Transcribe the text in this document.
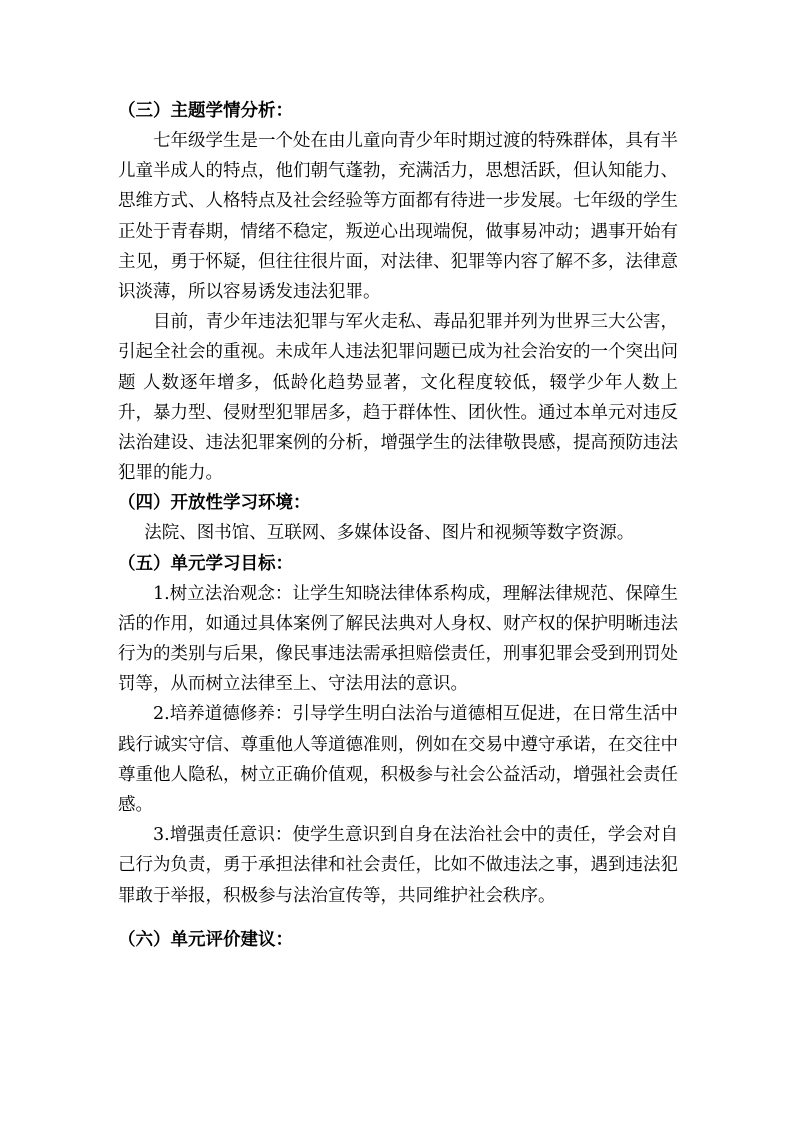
（三）主题学情分析：

七年级学生是一个处在由儿童向青少年时期过渡的特殊群体，具有半儿童半成人的特点，他们朝气蓬勃，充满活力，思想活跃，但认知能力、思维方式、人格特点及社会经验等方面都有待进一步发展。七年级的学生正处于青春期，情绪不稳定，叛逆心出现端倪，做事易冲动；遇事开始有主见，勇于怀疑，但往往很片面，对法律、犯罪等内容了解不多，法律意识淡薄，所以容易诱发违法犯罪。

目前，青少年违法犯罪与军火走私、毒品犯罪并列为世界三大公害，引起全社会的重视。未成年人违法犯罪问题已成为社会治安的一个突出问题 人数逐年增多，低龄化趋势显著，文化程度较低，辍学少年人数上升，暴力型、侵财型犯罪居多，趋于群体性、团伙性。通过本单元对违反法治建设、违法犯罪案例的分析，增强学生的法律敬畏感，提高预防违法犯罪的能力。

（四）开放性学习环境：

法院、图书馆、互联网、多媒体设备、图片和视频等数字资源。

（五）单元学习目标：

1.树立法治观念：让学生知晓法律体系构成，理解法律规范、保障生活的作用，如通过具体案例了解民法典对人身权、财产权的保护明晰违法行为的类别与后果，像民事违法需承担赔偿责任，刑事犯罪会受到刑罚处罚等，从而树立法律至上、守法用法的意识。

2.培养道德修养：引导学生明白法治与道德相互促进，在日常生活中践行诚实守信、尊重他人等道德准则，例如在交易中遵守承诺，在交往中尊重他人隐私，树立正确价值观，积极参与社会公益活动，增强社会责任感。

3.增强责任意识：使学生意识到自身在法治社会中的责任，学会对自己行为负责，勇于承担法律和社会责任，比如不做违法之事，遇到违法犯罪敢于举报，积极参与法治宣传等，共同维护社会秩序。

（六）单元评价建议：
